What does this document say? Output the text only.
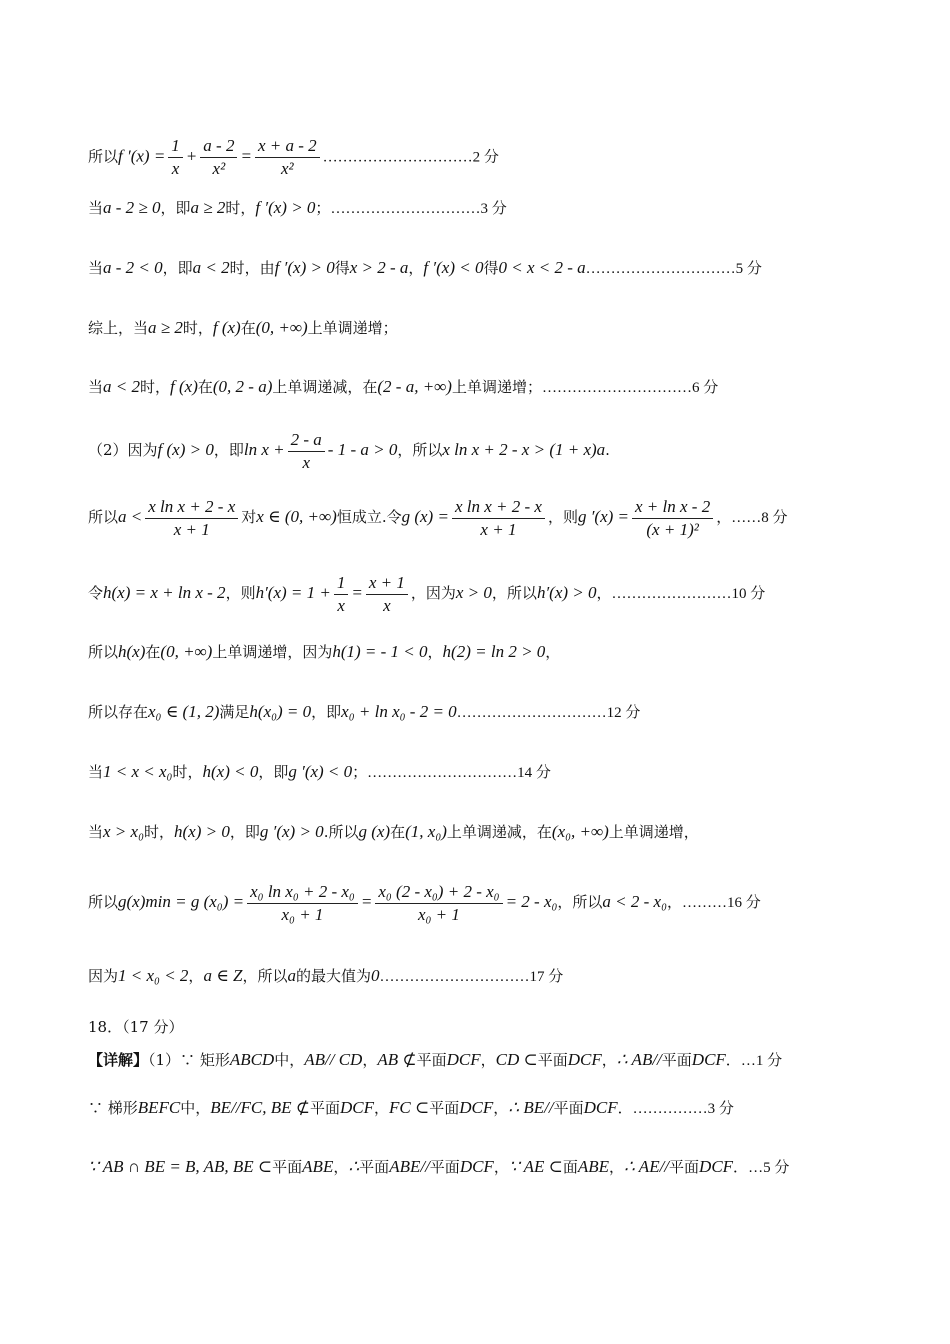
所以f $'(x) = \frac{1}{x} + \frac{a - 2}{\text{x²}} = \frac{x + a - 2}{\text{x²}}$ …………………………2 分
当a - 2 ≥ 0，即a ≥ 2时，f ′(x) > 0；…………………………3 分
当a - 2 < 0，即a < 2时，由f ′(x) > 0得x > 2 - a，f ′(x) < 0得0 < x < 2 - a…………………………5 分
综上，当a ≥ 2时，f (x)在(0, +∞)上单调递增；
当a < 2时，f (x)在(0, 2 - a)上单调递减，在(2 - a, +∞)上单调递增；…………………………6 分
（2）因为f (x) > 0，即$\ln x + \frac{2 - a}{x} - 1 - a > 0$，所以x ln x + 2 - x > (1 + x)a.
所以$a < \frac{\text{x ln x + 2 - x}}{x + 1}$ 对x ∈ (0, +∞)恒成立.令g $(x) = \frac{\text{x ln x + 2 - x}}{x + 1}$ ，则g $'(x) = \frac{\text{x + ln x - 2}}{\text{(x + 1)²}}$ ，……8 分
令h(x) = x + ln x - 2，则$h'(x) = 1 + \frac{1}{x} = \frac{x + 1}{x}$ ，因为x > 0，所以h′(x) > 0，……………………10 分
所以h(x)在(0, +∞)上单调递增，因为h(1) = - 1 < 0，h(2) = ln 2 > 0，
所以存在x₀ ∈ (1, 2)满足h(x₀) = 0，即x₀ + ln x₀ - 2 = 0…………………………12 分
当1 < x < x₀时，h(x) < 0，即g ′(x) < 0；…………………………14 分
当x > x₀时，h(x) > 0，即g ′(x) > 0.所以g (x)在(1, x₀)上单调递减，在(x₀, +∞)上单调递增，
所以g(x)min = g $(x_0) = \frac{\text{x₀ ln x₀ + 2 - x₀}}{\text{x₀ + 1}} = \frac{\text{x₀ (2 - x₀) + 2 - x₀}}{\text{x₀ + 1}} = 2 - x_0$，所以a < 2 - x₀，………16 分
因为1 < x₀ < 2，a ∈ Z，所以a的最大值为0…………………………17 分
18．（17 分）
【详解】（1）∵ 矩形ABCD中，AB// CD，AB ⊄平面DCF，CD ⊂平面DCF，∴ AB//平面DCF．…1 分
∵ 梯形BEFC中，BE//FC, BE ⊄平面DCF，FC ⊂平面DCF，∴ BE//平面DCF．……………3 分
∵ AB ∩ BE = B, AB, BE ⊂平面ABE，∴平面ABE//平面DCF，∵ AE ⊂面ABE，∴ AE//平面DCF．…5 分
